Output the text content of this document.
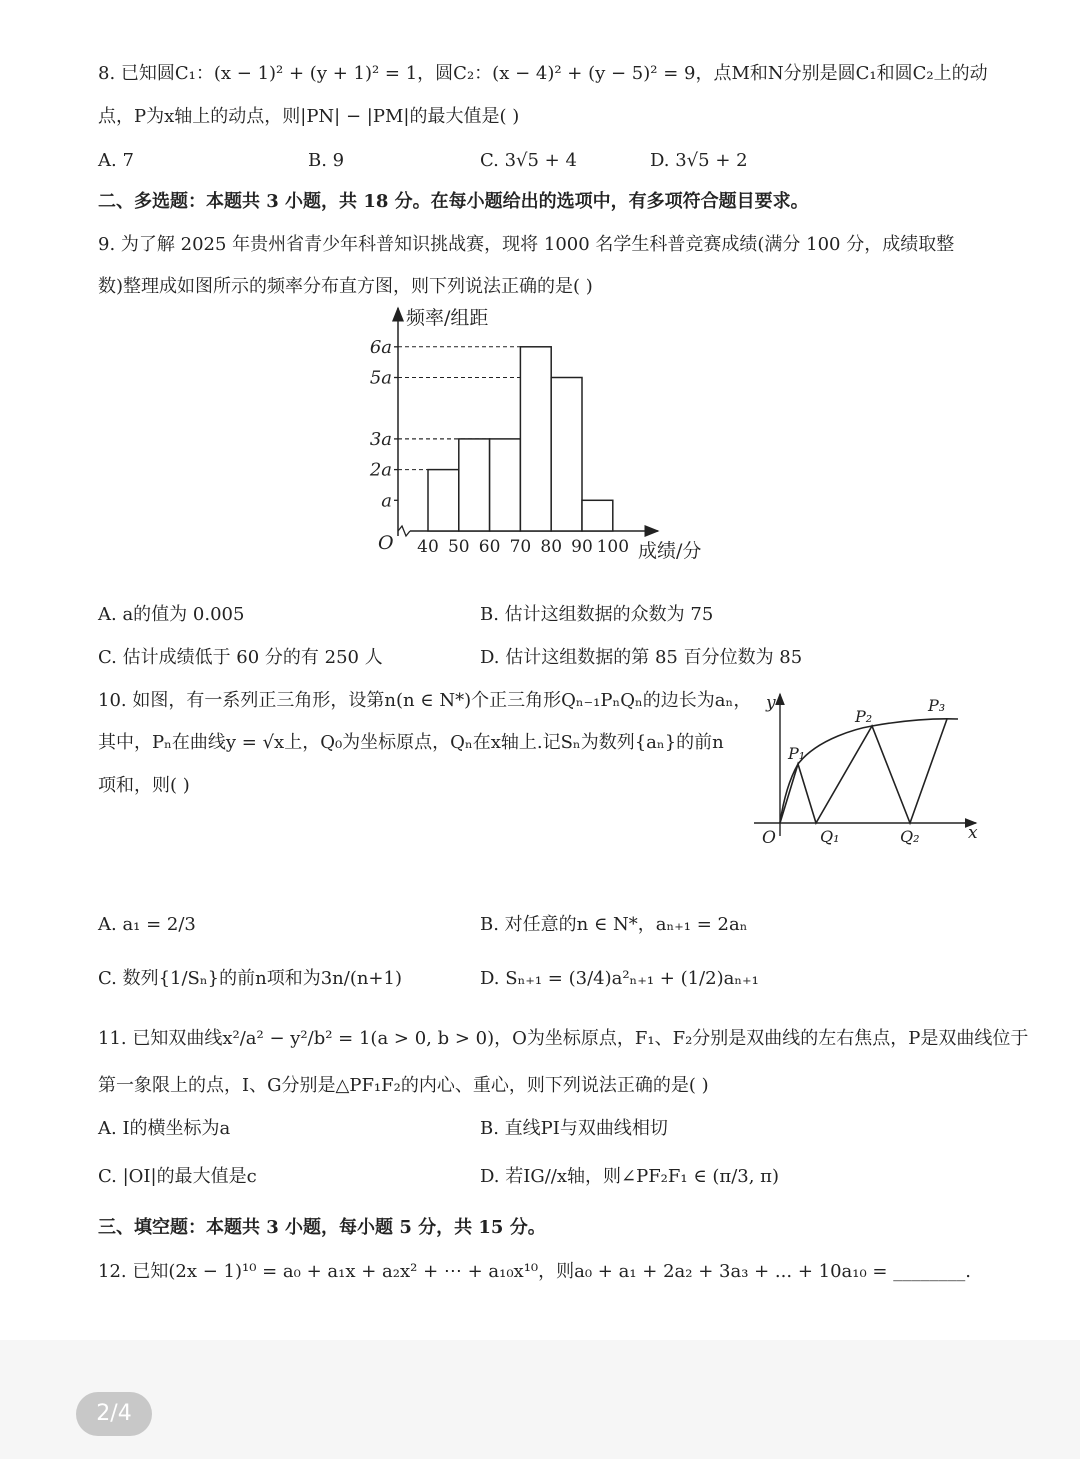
8. 已知圆C₁：(x − 1)² + (y + 1)² = 1，圆C₂：(x − 4)² + (y − 5)² = 9，点M和N分别是圆C₁和圆C₂上的动
点，P为x轴上的动点，则|PN| − |PM|的最大值是( )
A. 7	B. 9	C. 3√5 + 4	D. 3√5 + 2
二、多选题：本题共 3 小题，共 18 分。在每小题给出的选项中，有多项符合题目要求。
9. 为了解 2025 年贵州省青少年科普知识挑战赛，现将 1000 名学生科普竞赛成绩(满分 100 分，成绩取整
数)整理成如图所示的频率分布直方图，则下列说法正确的是( )
a
2a
3a
5a
6a
40 50 60 70 80 90 100
频率/组距
成绩/分
O
A. a的值为 0.005	B. 估计这组数据的众数为 75
C. 估计成绩低于 60 分的有 250 人	D. 估计这组数据的第 85 百分位数为 85
10. 如图，有一系列正三角形，设第n(n ∈ N*)个正三角形Qₙ₋₁PₙQₙ的边长为aₙ，
其中，Pₙ在曲线y = √x上，Q₀为坐标原点，Qₙ在x轴上.记Sₙ为数列{aₙ}的前n
项和，则( )
y
x
O
P₁
P₂
P₃
Q₁	Q₂
A. a₁ = 2/3	B. 对任意的n ∈ N*，aₙ₊₁ = 2aₙ
C. 数列{1/Sₙ}的前n项和为3n/(n+1)	D. Sₙ₊₁ = (3/4)a²ₙ₊₁ + (1/2)aₙ₊₁
11. 已知双曲线x²/a² − y²/b² = 1(a > 0, b > 0)，O为坐标原点，F₁、F₂分别是双曲线的左右焦点，P是双曲线位于
第一象限上的点，I、G分别是△PF₁F₂的内心、重心，则下列说法正确的是( )
A. I的横坐标为a	B. 直线PI与双曲线相切
C. |OI|的最大值是c	D. 若IG//x轴，则∠PF₂F₁ ∈ (π/3, π)
三、填空题：本题共 3 小题，每小题 5 分，共 15 分。
12. 已知(2x − 1)¹⁰ = a₀ + a₁x + a₂x² + ⋯ + a₁₀x¹⁰，则a₀ + a₁ + 2a₂ + 3a₃ + ... + 10a₁₀ = ________.
2/4
